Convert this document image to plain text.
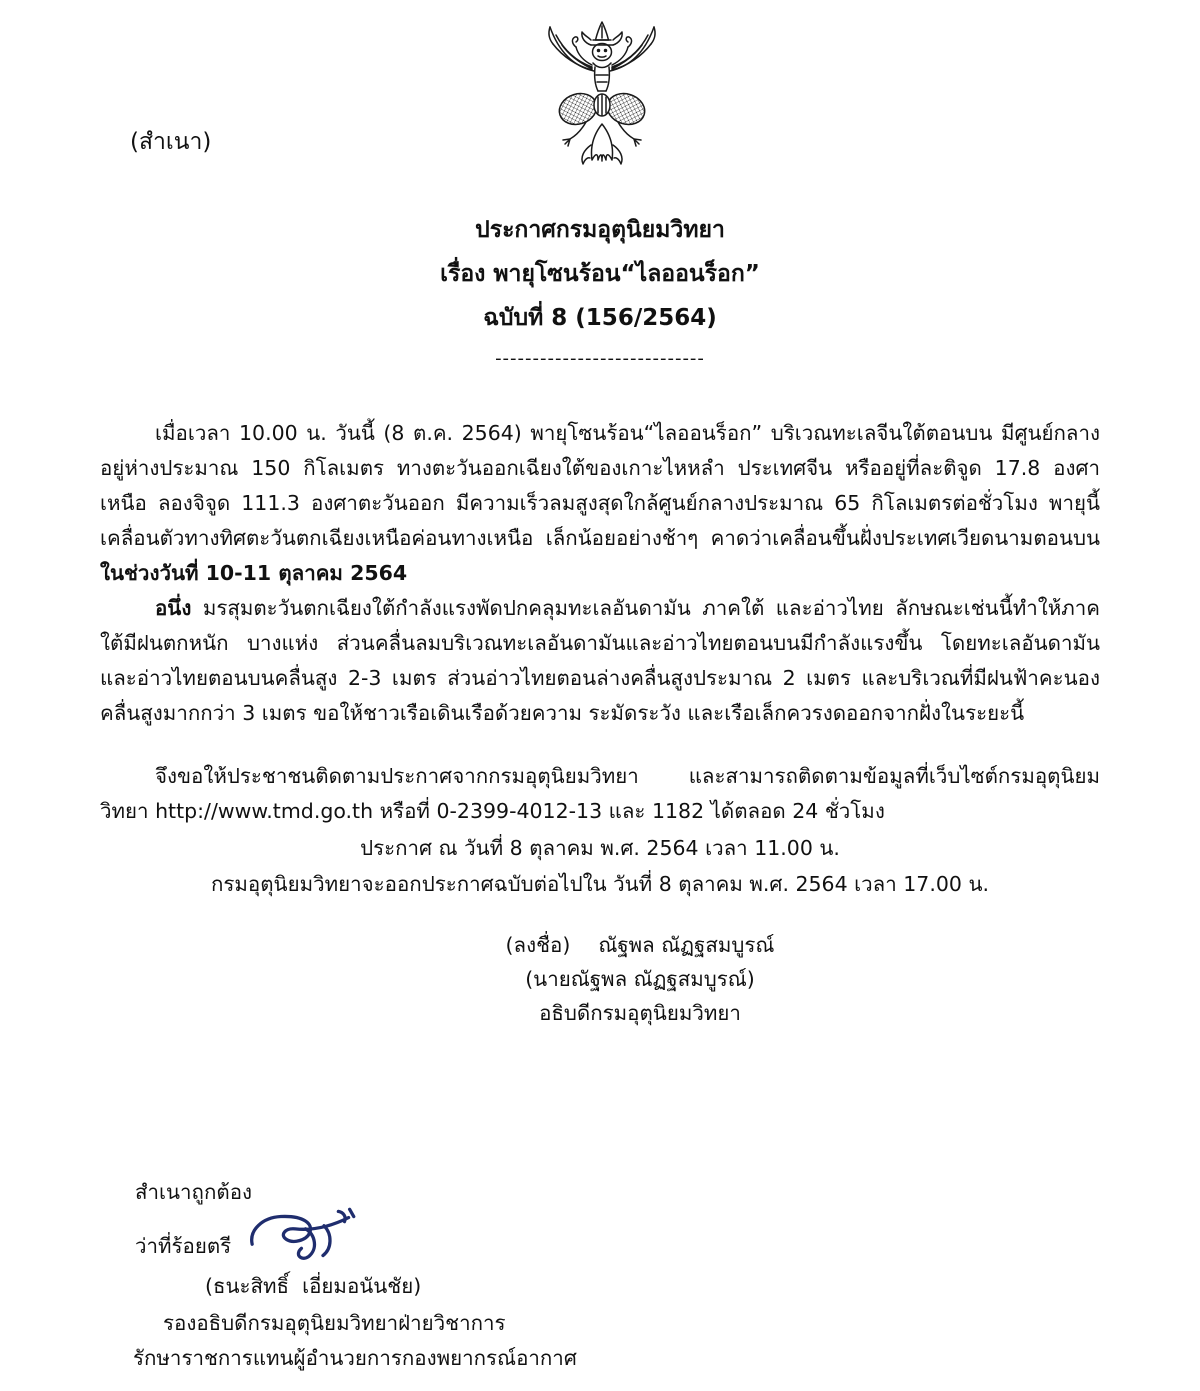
(สำเนา)
ประกาศกรมอุตุนิยมวิทยา
เรื่อง พายุโซนร้อน“ไลออนร็อก”
ฉบับที่ 8 (156/2564)
----------------------------

เมื่อเวลา 10.00 น. วันนี้ (8 ต.ค. 2564) พายุโซนร้อน“ไลออนร็อก” บริเวณทะเลจีนใต้ตอนบน มีศูนย์กลางอยู่ห่างประมาณ 150 กิโลเมตร ทางตะวันออกเฉียงใต้ของเกาะไหหลำ ประเทศจีน หรืออยู่ที่ละติจูด 17.8 องศาเหนือ ลองจิจูด 111.3 องศาตะวันออก มีความเร็วลมสูงสุดใกล้ศูนย์กลางประมาณ 65 กิโลเมตรต่อชั่วโมง พายุนี้เคลื่อนตัวทางทิศตะวันตกเฉียงเหนือค่อนทางเหนือ เล็กน้อยอย่างช้าๆ คาดว่าเคลื่อนขึ้นฝั่งประเทศเวียดนามตอนบนในช่วงวันที่ 10-11 ตุลาคม 2564

อนึ่ง มรสุมตะวันตกเฉียงใต้กำลังแรงพัดปกคลุมทะเลอันดามัน ภาคใต้ และอ่าวไทย ลักษณะเช่นนี้ทำให้ภาคใต้มีฝนตกหนัก บางแห่ง ส่วนคลื่นลมบริเวณทะเลอันดามันและอ่าวไทยตอนบนมีกำลังแรงขึ้น โดยทะเลอันดามันและอ่าวไทยตอนบนคลื่นสูง 2-3 เมตร ส่วนอ่าวไทยตอนล่างคลื่นสูงประมาณ 2 เมตร และบริเวณที่มีฝนฟ้าคะนองคลื่นสูงมากกว่า 3 เมตร ขอให้ชาวเรือเดินเรือด้วยความ ระมัดระวัง และเรือเล็กควรงดออกจากฝั่งในระยะนี้

จึงขอให้ประชาชนติดตามประกาศจากกรมอุตุนิยมวิทยา และสามารถติดตามข้อมูลที่เว็บไซต์กรมอุตุนิยม วิทยา http://www.tmd.go.th หรือที่ 0-2399-4012-13 และ 1182 ได้ตลอด 24 ชั่วโมง

ประกาศ ณ วันที่ 8 ตุลาคม พ.ศ. 2564 เวลา 11.00 น.
กรมอุตุนิยมวิทยาจะออกประกาศฉบับต่อไปใน วันที่ 8 ตุลาคม พ.ศ. 2564 เวลา 17.00 น.
(ลงชื่อ) ณัฐพล ณัฏฐสมบูรณ์
(นายณัฐพล ณัฏฐสมบูรณ์)
อธิบดีกรมอุตุนิยมวิทยา
สำเนาถูกต้อง
ว่าที่ร้อยตรี
(ธนะสิทธิ์  เอี่ยมอนันชัย)
รองอธิบดีกรมอุตุนิยมวิทยาฝ่ายวิชาการ
รักษาราชการแทนผู้อำนวยการกองพยากรณ์อากาศ
